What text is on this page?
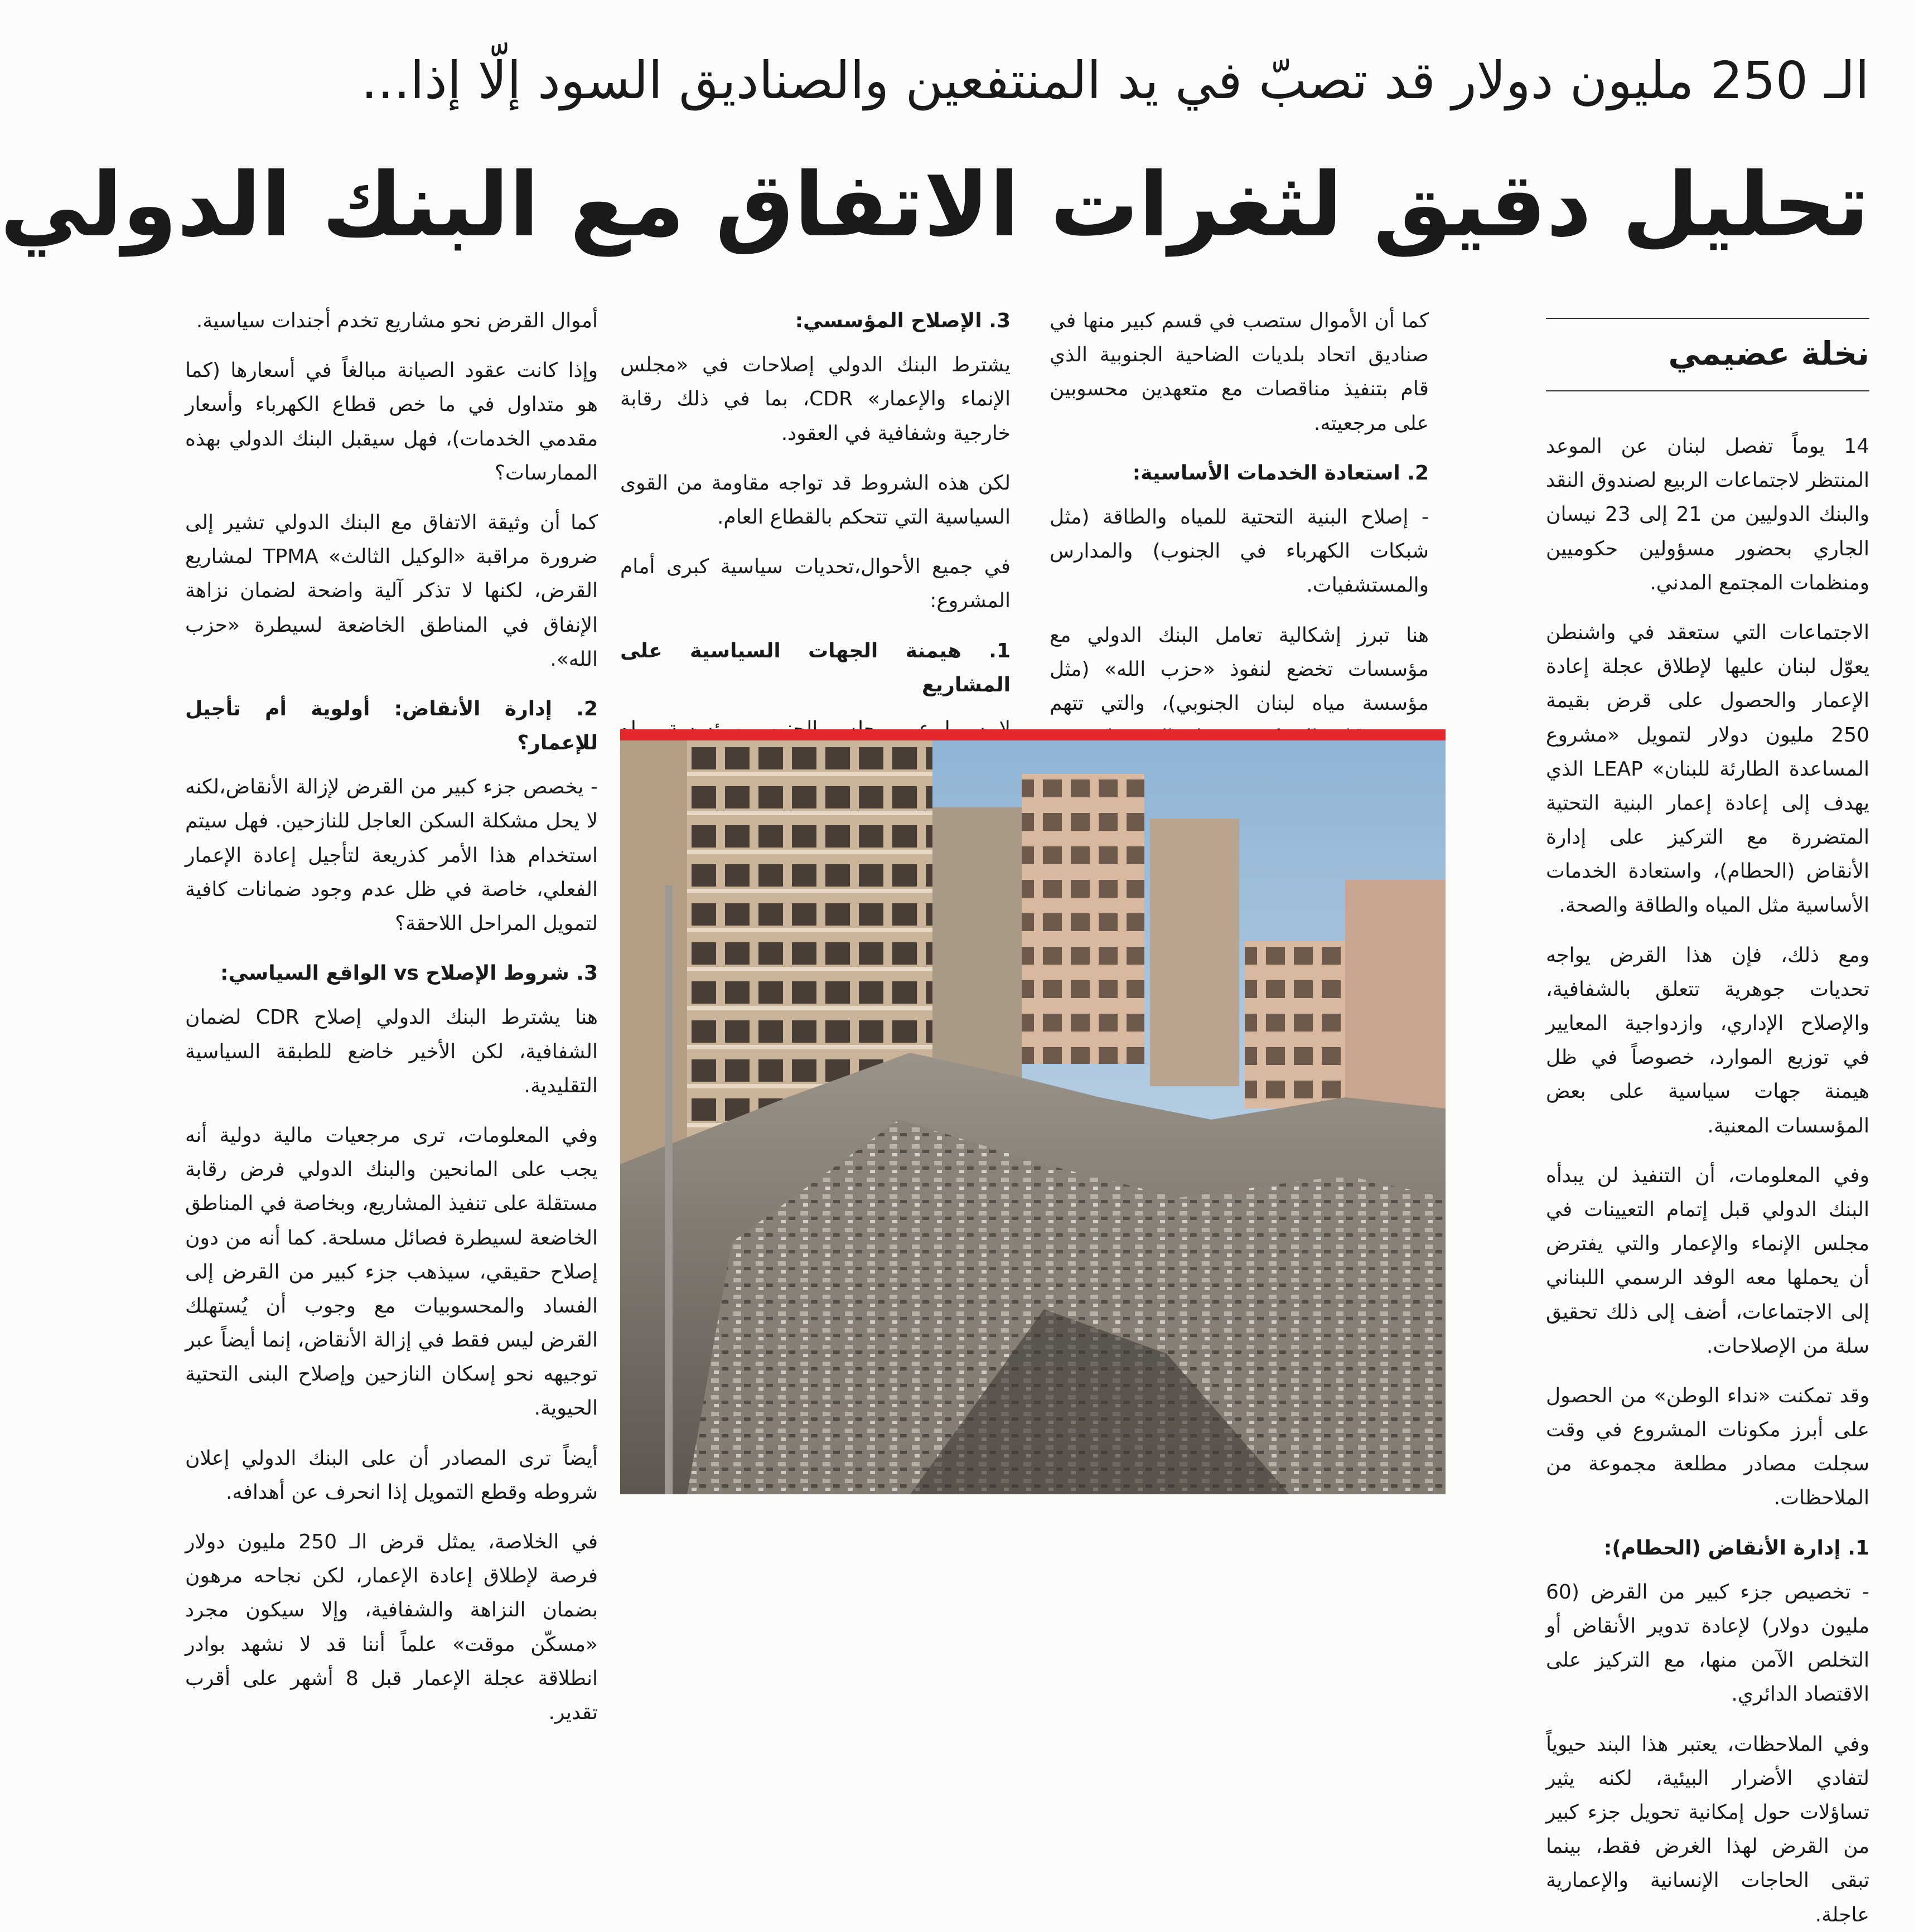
الـ 250 مليون دولار قد تصبّ في يد المنتفعين والصناديق السود إلّا إذا...
تحليل دقيق لثغرات الاتفاق مع البنك الدولي
نخلة عضيمي

14 يوماً تفصل لبنان عن الموعد المنتظر لاجتماعات الربيع لصندوق النقد والبنك الدوليين من 21 إلى 23 نيسان الجاري بحضور مسؤولين حكوميين ومنظمات المجتمع المدني.

الاجتماعات التي ستعقد في واشنطن يعوّل لبنان عليها لإطلاق عجلة إعادة الإعمار والحصول على قرض بقيمة 250 مليون دولار لتمويل «مشروع المساعدة الطارئة للبنان» LEAP الذي يهدف إلى إعادة إعمار البنية التحتية المتضررة مع التركيز على إدارة الأنقاض (الحطام)، واستعادة الخدمات الأساسية مثل المياه والطاقة والصحة.

ومع ذلك، فإن هذا القرض يواجه تحديات جوهرية تتعلق بالشفافية، والإصلاح الإداري، وازدواجية المعايير في توزيع الموارد، خصوصاً في ظل هيمنة جهات سياسية على بعض المؤسسات المعنية.

وفي المعلومات، أن التنفيذ لن يبدأه البنك الدولي قبل إتمام التعيينات في مجلس الإنماء والإعمار والتي يفترض أن يحملها معه الوفد الرسمي اللبناني إلى الاجتماعات، أضف إلى ذلك تحقيق سلة من الإصلاحات.

وقد تمكنت «نداء الوطن» من الحصول على أبرز مكونات المشروع في وقت سجلت مصادر مطلعة مجموعة من الملاحظات.

1. إدارة الأنقاض (الحطام):

- تخصيص جزء كبير من القرض (60 مليون دولار) لإعادة تدوير الأنقاض أو التخلص الآمن منها، مع التركيز على الاقتصاد الدائري.

وفي الملاحظات، يعتبر هذا البند حيوياً لتفادي الأضرار البيئية، لكنه يثير تساؤلات حول إمكانية تحويل جزء كبير من القرض لهذا الغرض فقط، بينما تبقى الحاجات الإنسانية والإعمارية عاجلة.

كما أن الأموال ستصب في قسم كبير منها في صناديق اتحاد بلديات الضاحية الجنوبية الذي قام بتنفيذ مناقصات مع متعهدين محسوبين على مرجعيته.

2. استعادة الخدمات الأساسية:

- إصلاح البنية التحتية للمياه والطاقة (مثل شبكات الكهرباء في الجنوب) والمدارس والمستشفيات.

هنا تبرز إشكالية تعامل البنك الدولي مع مؤسسات تخضع لنفوذ «حزب الله» (مثل مؤسسة مياه لبنان الجنوبي)، والتي تتهم

3. الإصلاح المؤسسي:

يشترط البنك الدولي إصلاحات في «مجلس الإنماء والإعمار» CDR، بما في ذلك رقابة خارجية وشفافية في العقود.

لكن هذه الشروط قد تواجه مقاومة من القوى السياسية التي تتحكم بالقطاع العام.

في جميع الأحوال،تحديات سياسية كبرى أمام المشروع:

1. هيمنة الجهات السياسية على المشاريع

أموال القرض نحو مشاريع تخدم أجندات سياسية.

وإذا كانت عقود الصيانة مبالغاً في أسعارها (كما هو متداول في ما خص قطاع الكهرباء وأسعار مقدمي الخدمات)، فهل سيقبل البنك الدولي بهذه الممارسات؟

كما أن وثيقة الاتفاق مع البنك الدولي تشير إلى ضرورة مراقبة «الوكيل الثالث» TPMA لمشاريع القرض، لكنها لا تذكر آلية واضحة لضمان نزاهة الإنفاق في المناطق الخاضعة لسيطرة «حزب الله».

2. إدارة الأنقاض: أولوية أم تأجيل للإعمار؟

- يخصص جزء كبير من القرض لإزالة الأنقاض،لكنه لا يحل مشكلة السكن العاجل للنازحين. فهل سيتم استخدام هذا الأمر كذريعة لتأجيل إعادة الإعمار الفعلي، خاصة في ظل عدم وجود ضمانات كافية لتمويل المراحل اللاحقة؟

3. شروط الإصلاح vs الواقع السياسي:

هنا يشترط البنك الدولي إصلاح CDR لضمان الشفافية، لكن الأخير خاضع للطبقة السياسية التقليدية.

وفي المعلومات، ترى مرجعيات مالية دولية أنه يجب على المانحين والبنك الدولي فرض رقابة مستقلة على تنفيذ المشاريع، وبخاصة في المناطق الخاضعة لسيطرة فصائل مسلحة. كما أنه من دون إصلاح حقيقي، سيذهب جزء كبير من القرض إلى الفساد والمحسوبيات مع وجوب أن يُستهلك القرض ليس فقط في إزالة الأنقاض، إنما أيضاً عبر توجيهه نحو إسكان النازحين وإصلاح البنى التحتية الحيوية.

أيضاً ترى المصادر أن على البنك الدولي إعلان شروطه وقطع التمويل إذا انحرف عن أهدافه.

في الخلاصة، يمثل قرض الـ 250 مليون دولار فرصة لإطلاق إعادة الإعمار، لكن نجاحه مرهون بضمان النزاهة والشفافية، وإلا سيكون مجرد «مسكّن موقت» علماً أننا قد لا نشهد بوادر انطلاقة عجلة الإعمار قبل 8 أشهر على أقرب تقدير.
